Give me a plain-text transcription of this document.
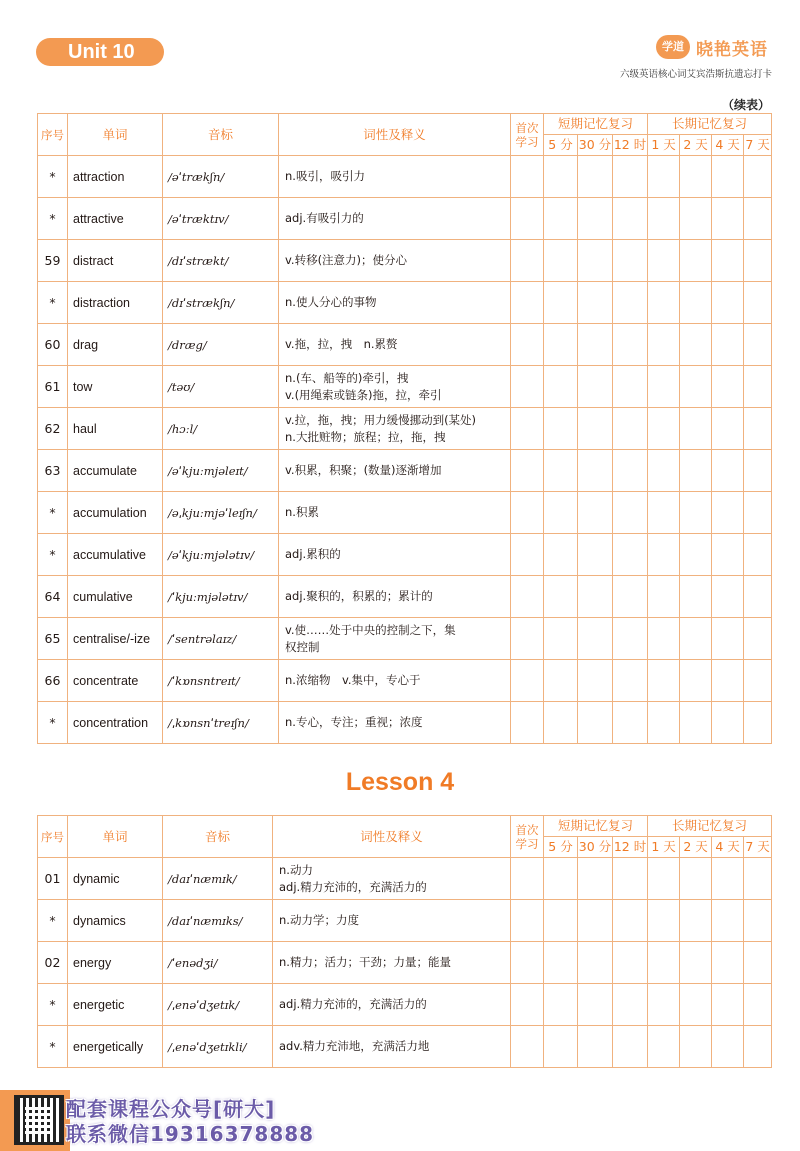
Unit 10	学道 晓艳英语
六级英语核心词艾宾浩斯抗遗忘打卡
（续表）
序号	单词	音标	词性及释义	首次学习	短期记忆复习			长期记忆复习			
					5 分	30 分	12 时	1 天	2 天	4 天	7 天
*	attraction	/əˈtrækʃn/	n.吸引，吸引力								

*	attractive	/əˈtræktɪv/	adj.有吸引力的								

59	distract	/dɪˈstrækt/	v.转移(注意力)；使分心								

*	distraction	/dɪˈstrækʃn/	n.使人分心的事物								

60	drag	/dræg/	v.拖，拉，拽　n.累赘								

61	tow	/təʊ/	n.(车、船等的)牵引，拽
v.(用绳索或链条)拖，拉，牵引								

62	haul	/hɔːl/	v.拉，拖，拽；用力缓慢挪动到(某处)
n.大批赃物；旅程；拉，拖，拽								

63	accumulate	/əˈkjuːmjəleɪt/	v.积累，积聚；(数量)逐渐增加								

*	accumulation	/əˌkjuːmjəˈleɪʃn/	n.积累								

*	accumulative	/əˈkjuːmjələtɪv/	adj.累积的								

64	cumulative	/ˈkjuːmjələtɪv/	adj.聚积的，积累的；累计的								

65	centralise/-ize	/ˈsentrəlaɪz/	v.使……处于中央的控制之下，集
权控制								

66	concentrate	/ˈkɒnsntreɪt/	n.浓缩物　v.集中，专心于								

*	concentration	/ˌkɒnsnˈtreɪʃn/	n.专心，专注；重视；浓度								

Lesson 4
序号	单词	音标	词性及释义	首次学习	短期记忆复习			长期记忆复习			
					5 分	30 分	12 时	1 天	2 天	4 天	7 天
01	dynamic	/daɪˈnæmɪk/	n.动力
adj.精力充沛的，充满活力的								

*	dynamics	/daɪˈnæmɪks/	n.动力学；力度								

02	energy	/ˈenədʒi/	n.精力；活力；干劲；力量；能量								

*	energetic	/ˌenəˈdʒetɪk/	adj.精力充沛的，充满活力的								

*	energetically	/ˌenəˈdʒetɪkli/	adv.精力充沛地，充满活力地								

配套课程公众号[研大]
联系微信19316378888
